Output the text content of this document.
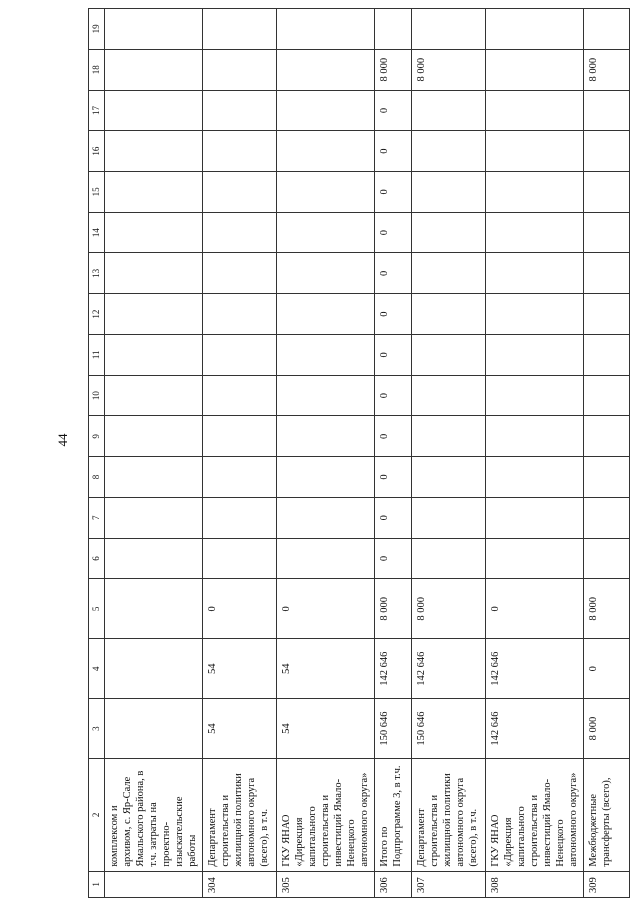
44
1	2	3	4	5	6	7	8	9	10	11	12	13	14	15	16	17	18	19
	комплексом и архивом, с. Яр-Сале Ямальского района, в т.ч. затраты на проектно-изыскательские работы																	
304	Департамент строительства и жилищной политики автономного округа (всего), в т.ч.	54	54	0														
305	ГКУ ЯНАО «Дирекция капитального строительства и инвестиций Ямало-Ненецкого автономного округа»	54	54	0														
306	Итого по Подпрограмме 3, в т.ч.	150 646	142 646	8 000	0	0	0	0	0	0	0	0	0	0	0	0	8 000	
307	Департамент строительства и жилищной политики автономного округа (всего), в т.ч.	150 646	142 646	8 000													8 000	
308	ГКУ ЯНАО «Дирекция капитального строительства и инвестиций Ямало-Ненецкого автономного округа»	142 646	142 646	0														
309	Межбюджетные трансферты (всего),	8 000	0	8 000													8 000	
